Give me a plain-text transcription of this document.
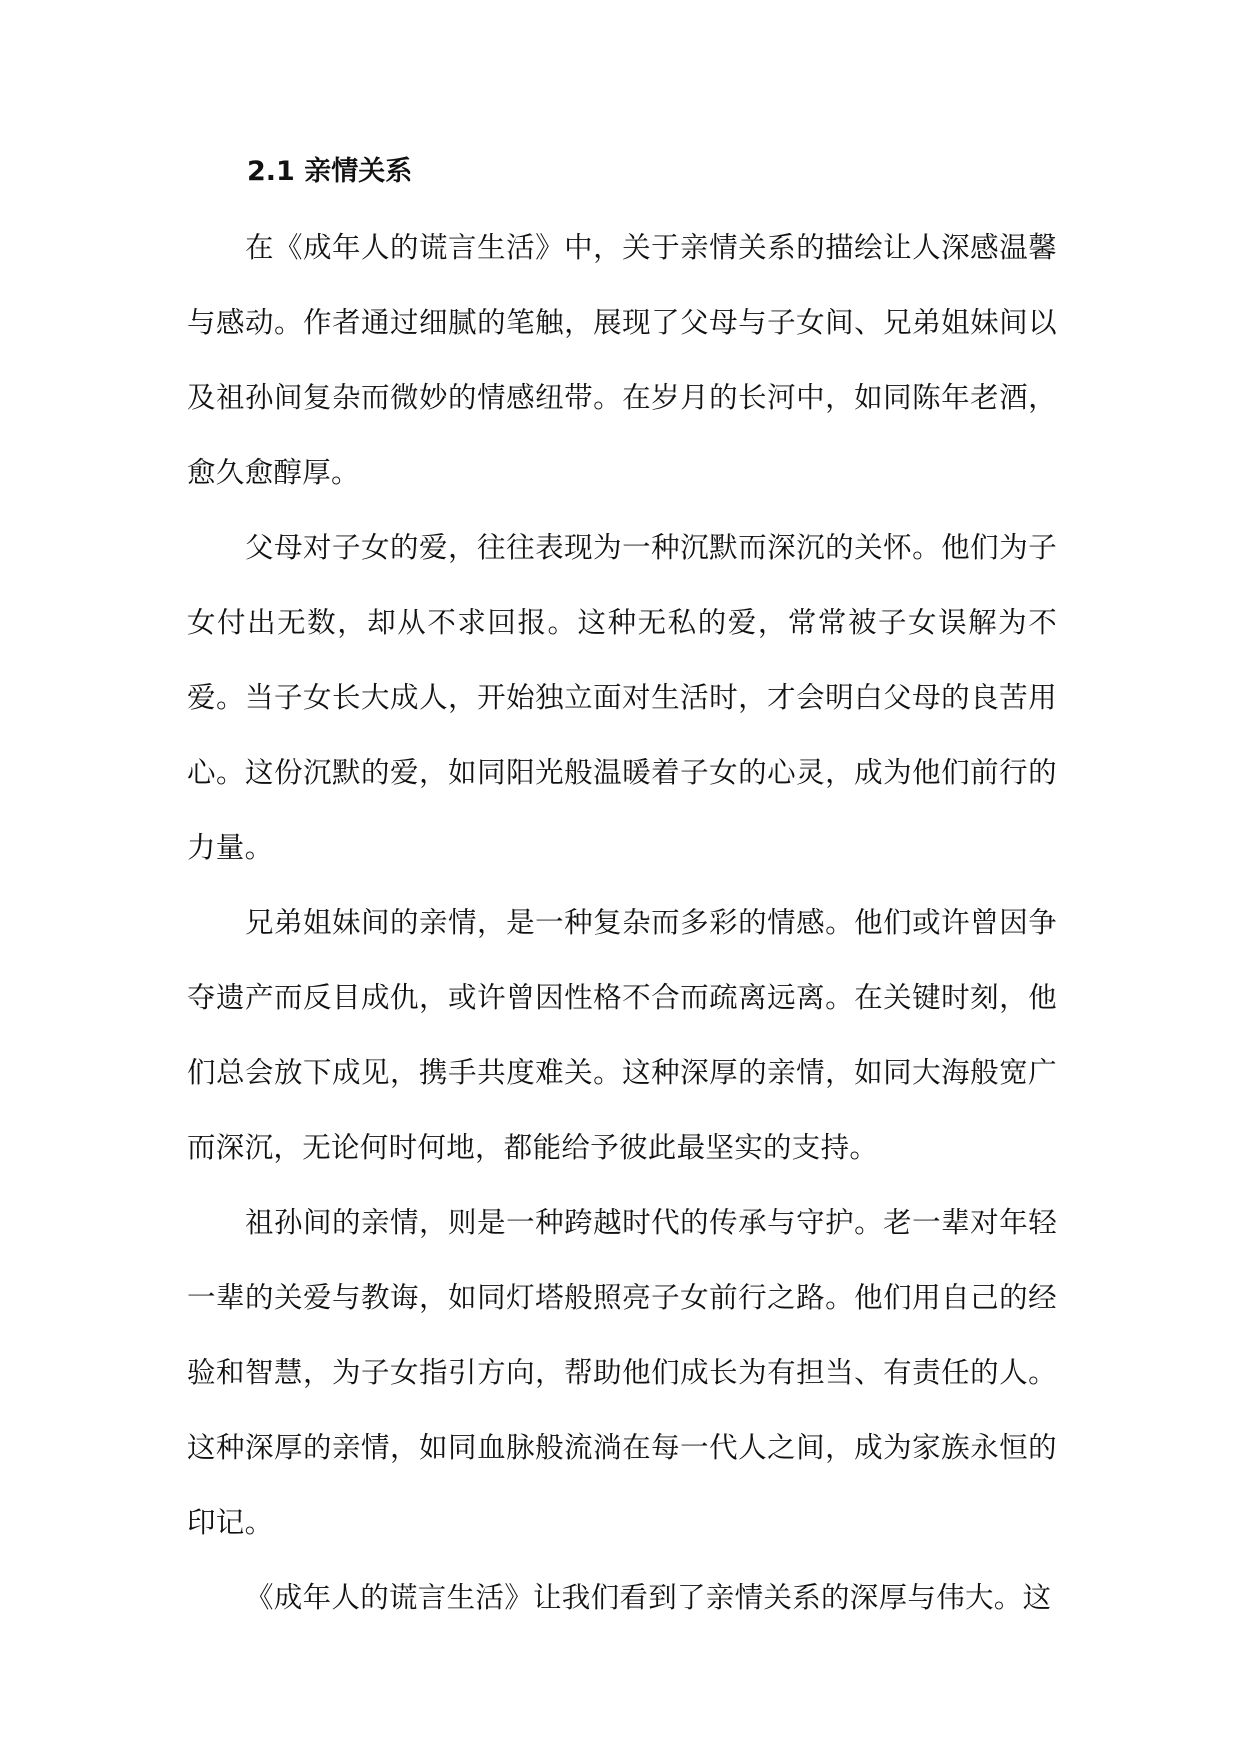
2.1 亲情关系

在《成年人的谎言生活》中，关于亲情关系的描绘让人深感温馨与感动。作者通过细腻的笔触，展现了父母与子女间、兄弟姐妹间以及祖孙间复杂而微妙的情感纽带。在岁月的长河中，如同陈年老酒，愈久愈醇厚。

父母对子女的爱，往往表现为一种沉默而深沉的关怀。他们为子女付出无数，却从不求回报。这种无私的爱，常常被子女误解为不爱。当子女长大成人，开始独立面对生活时，才会明白父母的良苦用心。这份沉默的爱，如同阳光般温暖着子女的心灵，成为他们前行的力量。

兄弟姐妹间的亲情，是一种复杂而多彩的情感。他们或许曾因争夺遗产而反目成仇，或许曾因性格不合而疏离远离。在关键时刻，他们总会放下成见，携手共度难关。这种深厚的亲情，如同大海般宽广而深沉，无论何时何地，都能给予彼此最坚实的支持。

祖孙间的亲情，则是一种跨越时代的传承与守护。老一辈对年轻一辈的关爱与教诲，如同灯塔般照亮子女前行之路。他们用自己的经验和智慧，为子女指引方向，帮助他们成长为有担当、有责任的人。这种深厚的亲情，如同血脉般流淌在每一代人之间，成为家族永恒的印记。

《成年人的谎言生活》让我们看到了亲情关系的深厚与伟大。这
